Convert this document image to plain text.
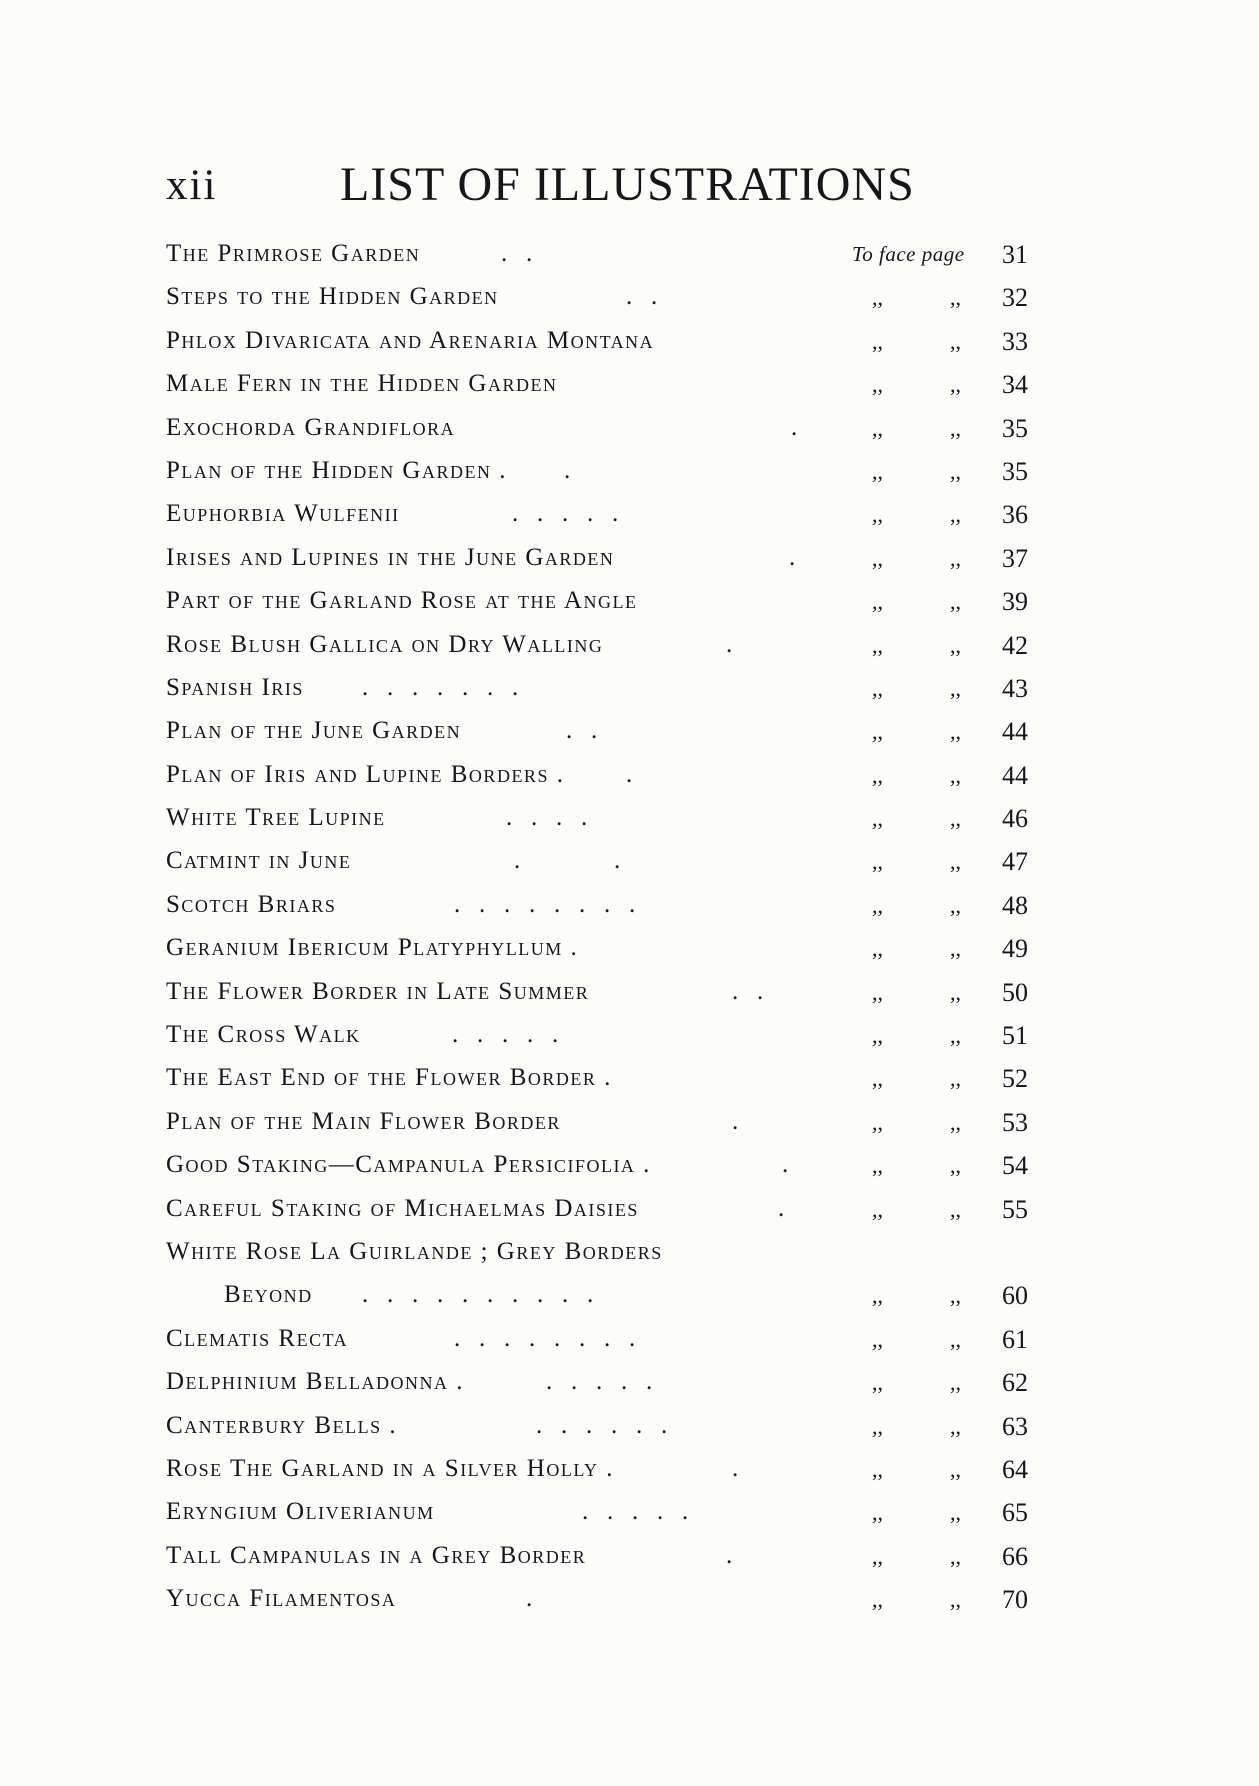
xii	LIST OF ILLUSTRATIONS
The Primrose Garden	.   .	To face page 31
Steps to the Hidden Garden	.   .	,,	,, 32
Phlox Divaricata and Arenaria Montana	,,	,, 33
Male Fern in the Hidden Garden	,,	,, 34
Exochorda Grandiflora	.	,,	,, 35
Plan of the Hidden Garden . .	,,	,, 35
Euphorbia Wulfenii	.   .   .   .   .	,,	,, 36
Irises and Lupines in the June Garden	.	,,	,, 37
Part of the Garland Rose at the Angle	,,	,, 39
Rose Blush Gallica on Dry Walling	.	,,	,, 42
Spanish Iris .   .   .   .   .   .   .	,,	,, 43
Plan of the June Garden	.   .	,,	,, 44
Plan of Iris and Lupine Borders . .	,,	,, 44
White Tree Lupine	.   .   .   .	,,	,, 46
Catmint in June	.               .	,,	,, 47
Scotch Briars	.   .   .   .   .   .   .   .	,,	,, 48
Geranium Ibericum Platyphyllum .	,,	,, 49
The Flower Border in Late Summer	.   .	,,	,, 50
The Cross Walk	.   .   .   .   .	,,	,, 51
The East End of the Flower Border .	,,	,, 52
Plan of the Main Flower Border	.	,,	,, 53
Good Staking—Campanula Persicifolia .	.	,,	,, 54
Careful Staking of Michaelmas Daisies	.	,,	,, 55
White Rose La Guirlande ; Grey Borders
Beyond .   .   .   .   .   .   .   .   .   .	,,	,, 60
Clematis Recta	.   .   .   .   .   .   .   .	,,	,, 61
Delphinium Belladonna .	.   .   .   .   .	,,	,, 62
Canterbury Bells .	.   .   .   .   .   .	,,	,, 63
Rose The Garland in a Silver Holly .	.	,,	,, 64
Eryngium Oliverianum	.   .   .   .   .	,,	,, 65
Tall Campanulas in a Grey Border	.	,,	,, 66
Yucca Filamentosa	.	,,	,, 70
